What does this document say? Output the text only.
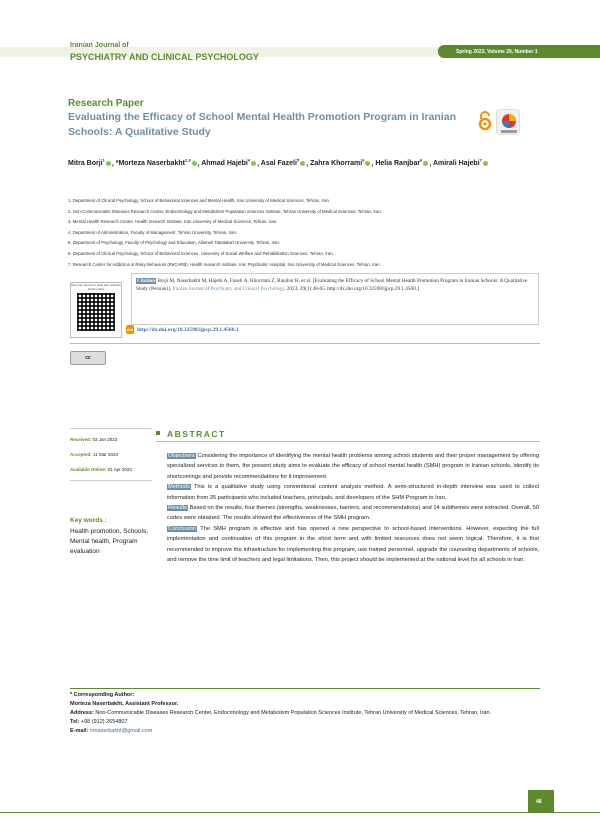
Iranian Journal of
PSYCHIATRY AND CLINICAL PSYCHOLOGY	Spring 2023, Volume 29, Number 1
Research Paper
Evaluating the Efficacy of School Mental Health Promotion Program in Iranian Schools: A Qualitative Study
Mitra Borji$^1$ , *Morteza Naserbakht$^{2,3}$ , Ahmad Hajebi$^4$ , Asal Fazeli$^5$ , Zahra Khorrami$^6$ , Helia Ranjbar$^6$ , Amirali Hajebi$^7$
1. Department of Clinical Psychology, School of Behavioral Sciences and Mental Health, Iran University of Medical Sciences, Tehran, Iran.
2. Non-Communicable Diseases Research Center, Endocrinology and Metabolism Population Sciences Institute, Tehran University of Medical Sciences, Tehran, Iran.
3. Mental Health Research Center, Health research Institute, Iran University of Medical Sciences, Tehran, Iran.
4. Department of Administration, Faculty of Management, Tehran University, Tehran, Iran.
5. Department of Psychology, Faculty of Psychology and Education, Allameh Tabataba'i University, Tehran, Iran.
6. Department of Clinical Psychology, School of Behavioral Sciences, University of Social Welfare and Rehabilitation Sciences, Tehran, Iran.
7. Research Center for Addiction & Risky Behaviors (ReCARB), Health research Institute, Iran Psychiatric Hospital, Iran University of Medical Sciences, Tehran, Iran.
Use your device to scan and read the article online
Citation Borji M, Naserbakht M, Hajebi A, Fazeli A, Khorrami Z, Ranjbar H, et al. [Evaluating the Efficacy of School Mental Health Promotion Program in Iranian Schools: A Qualitative Study (Persian)]. Iranian Journal of Psychiatry and Clinical Psychology. 2023; 29(1):48-65. http://dx.doi.org/10.32598/ijpcp.29.1.4560.1
doi http://dx.doi.org/10.32598/ijpcp.29.1.4560.1
cc
Received: 03 Jan 2023
Accepted: 11 Mar 2023
Available Online: 01 Apr 2023
Key words :
Health promotion, Schools, Mental health, Program evaluation
ABSTRACT
Objectives Considering the importance of identifying the mental health problems among school students and their proper management by offering specialized services to them, the present study aims to evaluate the efficacy of school mental health (SMH) program in Iranian schools, identify its shortcomings and provide recommendations for it improvement.
Methods This is a qualitative study using conventional content analysis method. A semi-structured in-depth interview was used to collect information from 35 participants who included teachers, principals, and developers of the SHM Program in Iran.
Results Based on the results, four themes (strengths, weaknesses, barriers, and recommendations) and 14 subthemes were extracted. Overall, 50 codes were obtained. The results showed the effectiveness of the SMH program.
Conclusion The SMH program is effective and has opened a new perspective to school-based interventions. However, expecting the full implementation and continuation of this program in the short term and with limited resources does not seem logical. Therefore, it is first recommended to improve the infrastructure for implementing this program, use trained personnel, upgrade the counseling departments of schools, and remove the time limit of teachers and legal limitations. Then, this project should be implemented at the national level for all schools in Iran.
* Corresponding Author:
Morteza Naserbakht, Assistant Professor.
Address: Non-Communicable Diseases Research Center, Endocrinology and Metabolism Population Sciences Institute, Tehran University of Medical Sciences, Tehran, Iran.
Tel: +98 (912) 2654807
E-mail: mnaserbakht@gmail.com
48
